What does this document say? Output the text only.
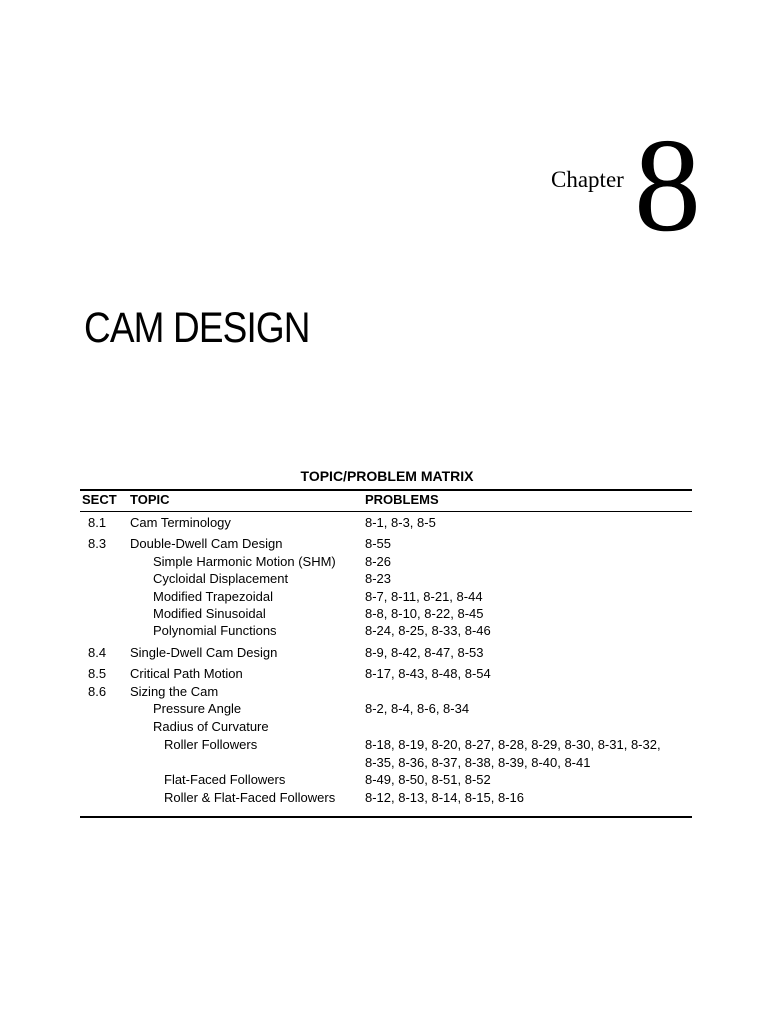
Chapter 8
CAM DESIGN
TOPIC/PROBLEM MATRIX
SECT TOPIC	PROBLEMS
8.1 Cam Terminology	8-1, 8-3, 8-5
8.3 Double-Dwell Cam Design	8-55
Simple Harmonic Motion (SHM) 8-26
Cycloidal Displacement	8-23
Modified Trapezoidal	8-7, 8-11, 8-21, 8-44
Modified Sinusoidal	8-8, 8-10, 8-22, 8-45
Polynomial Functions	8-24, 8-25, 8-33, 8-46
8.4 Single-Dwell Cam Design	8-9, 8-42, 8-47, 8-53
8.5 Critical Path Motion	8-17, 8-43, 8-48, 8-54
8.6 Sizing the Cam
Pressure Angle	8-2, 8-4, 8-6, 8-34
Radius of Curvature
Roller Followers	8-18, 8-19, 8-20, 8-27, 8-28, 8-29, 8-30, 8-31, 8-32,
8-35, 8-36, 8-37, 8-38, 8-39, 8-40, 8-41
Flat-Faced Followers	8-49, 8-50, 8-51, 8-52
Roller & Flat-Faced Followers 8-12, 8-13, 8-14, 8-15, 8-16
